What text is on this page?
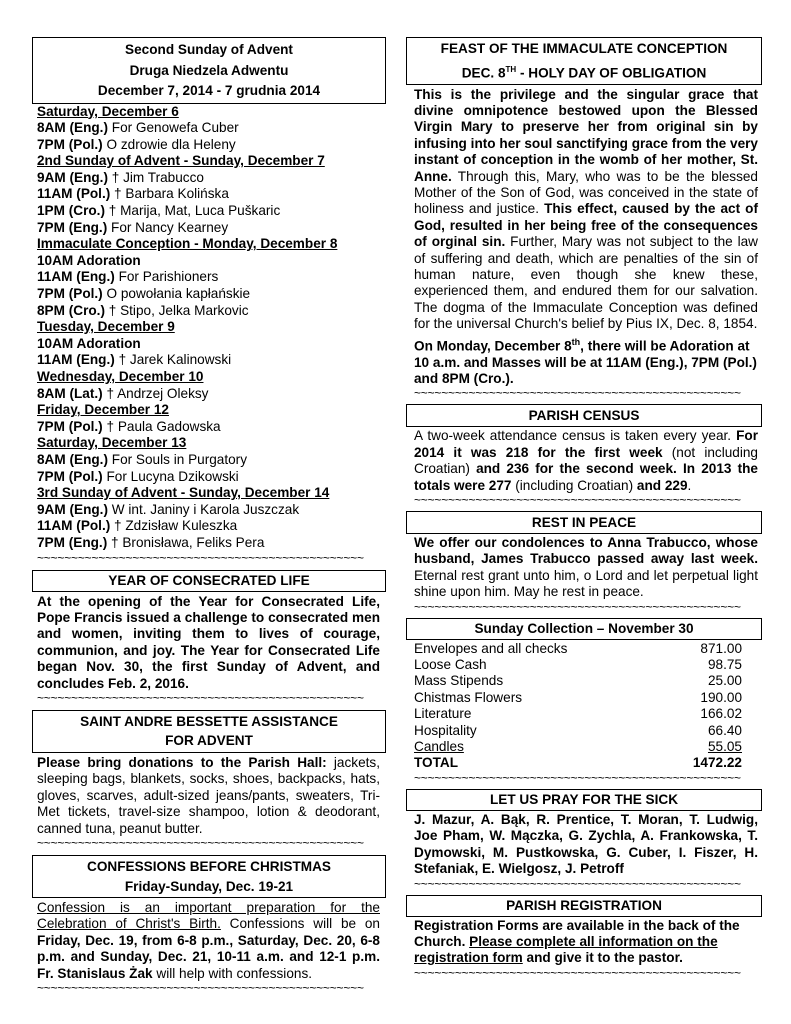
Second Sunday of Advent
Druga Niedzela Adwentu
December 7, 2014 - 7 grudnia 2014
Saturday, December 6
8AM (Eng.) For Genowefa Cuber
7PM (Pol.) O zdrowie dla Heleny
2nd Sunday of Advent - Sunday, December 7
9AM (Eng.) † Jim Trabucco
11AM (Pol.) † Barbara Kolińska
1PM (Cro.) † Marija, Mat, Luca Puškaric
7PM (Eng.) For Nancy Kearney
Immaculate Conception - Monday, December 8
10AM Adoration
11AM (Eng.) For Parishioners
7PM (Pol.) O powołania kapłańskie
8PM (Cro.) † Stipo, Jelka Markovic
Tuesday, December 9
10AM Adoration
11AM (Eng.) † Jarek Kalinowski
Wednesday, December 10
8AM (Lat.) † Andrzej Oleksy
Friday, December 12
7PM (Pol.) † Paula Gadowska
Saturday, December 13
8AM (Eng.) For Souls in Purgatory
7PM (Pol.) For Lucyna Dzikowski
3rd Sunday of Advent - Sunday, December 14
9AM (Eng.) W int. Janiny i Karola Juszczak
11AM (Pol.) † Zdzisław Kuleszka
7PM (Eng.) † Bronisława, Feliks Pera
~~~~~~~~~~~~~~~~~~~~~~~~~~~~~~~~~~~~~~~~~~~~~~~~
YEAR OF CONSECRATED LIFE
At the opening of the Year for Consecrated Life, Pope Francis issued a challenge to consecrated men and women, inviting them to lives of courage, communion, and joy. The Year for Consecrated Life began Nov. 30, the first Sunday of Advent, and concludes Feb. 2, 2016.
~~~~~~~~~~~~~~~~~~~~~~~~~~~~~~~~~~~~~~~~~~~~~~~~
SAINT ANDRE BESSETTE ASSISTANCE
FOR ADVENT
Please bring donations to the Parish Hall: jackets, sleeping bags, blankets, socks, shoes, backpacks, hats, gloves, scarves, adult-sized jeans/pants, sweaters, Tri-Met tickets, travel-size shampoo, lotion & deodorant, canned tuna, peanut butter.
~~~~~~~~~~~~~~~~~~~~~~~~~~~~~~~~~~~~~~~~~~~~~~~~
CONFESSIONS BEFORE CHRISTMAS
Friday-Sunday, Dec. 19-21
Confession is an important preparation for the Celebration of Christ's Birth. Confessions will be on Friday, Dec. 19, from 6-8 p.m., Saturday, Dec. 20, 6-8 p.m. and Sunday, Dec. 21, 10-11 a.m. and 12-1 p.m. Fr. Stanislaus Żak will help with confessions.
~~~~~~~~~~~~~~~~~~~~~~~~~~~~~~~~~~~~~~~~~~~~~~~~
FEAST OF THE IMMACULATE CONCEPTION
DEC. 8TH - HOLY DAY OF OBLIGATION
This is the privilege and the singular grace that divine omnipotence bestowed upon the Blessed Virgin Mary to preserve her from original sin by infusing into her soul sanctifying grace from the very instant of conception in the womb of her mother, St. Anne. Through this, Mary, who was to be the blessed Mother of the Son of God, was conceived in the state of holiness and justice. This effect, caused by the act of God, resulted in her being free of the consequences of orginal sin. Further, Mary was not subject to the law of suffering and death, which are penalties of the sin of human nature, even though she knew these, experienced them, and endured them for our salvation. The dogma of the Immaculate Conception was defined for the universal Church's belief by Pius IX, Dec. 8, 1854.
On Monday, December 8th, there will be Adoration at 10 a.m. and Masses will be at 11AM (Eng.), 7PM (Pol.) and 8PM (Cro.).
~~~~~~~~~~~~~~~~~~~~~~~~~~~~~~~~~~~~~~~~~~~~~~~~
PARISH CENSUS
A two-week attendance census is taken every year. For 2014 it was 218 for the first week (not including Croatian) and 236 for the second week. In 2013 the totals were 277 (including Croatian) and 229.
~~~~~~~~~~~~~~~~~~~~~~~~~~~~~~~~~~~~~~~~~~~~~~~~
REST IN PEACE
We offer our condolences to Anna Trabucco, whose husband, James Trabucco passed away last week. Eternal rest grant unto him, o Lord and let perpetual light shine upon him. May he rest in peace.
~~~~~~~~~~~~~~~~~~~~~~~~~~~~~~~~~~~~~~~~~~~~~~~~
Sunday Collection – November 30
Envelopes and all checks	871.00
Loose Cash	98.75
Mass Stipends	25.00
Chistmas Flowers	190.00
Literature	166.02
Hospitality	66.40
Candles	55.05
TOTAL	1472.22
~~~~~~~~~~~~~~~~~~~~~~~~~~~~~~~~~~~~~~~~~~~~~~~~
LET US PRAY FOR THE SICK
J. Mazur, A. Bąk, R. Prentice, T. Moran, T. Ludwig, Joe Pham, W. Mączka, G. Zychla, A. Frankowska, T. Dymowski, M. Pustkowska, G. Cuber, I. Fiszer, H. Stefaniak, E. Wielgosz, J. Petroff
~~~~~~~~~~~~~~~~~~~~~~~~~~~~~~~~~~~~~~~~~~~~~~~~
PARISH REGISTRATION
Registration Forms are available in the back of the Church. Please complete all information on the registration form and give it to the pastor.
~~~~~~~~~~~~~~~~~~~~~~~~~~~~~~~~~~~~~~~~~~~~~~~~
